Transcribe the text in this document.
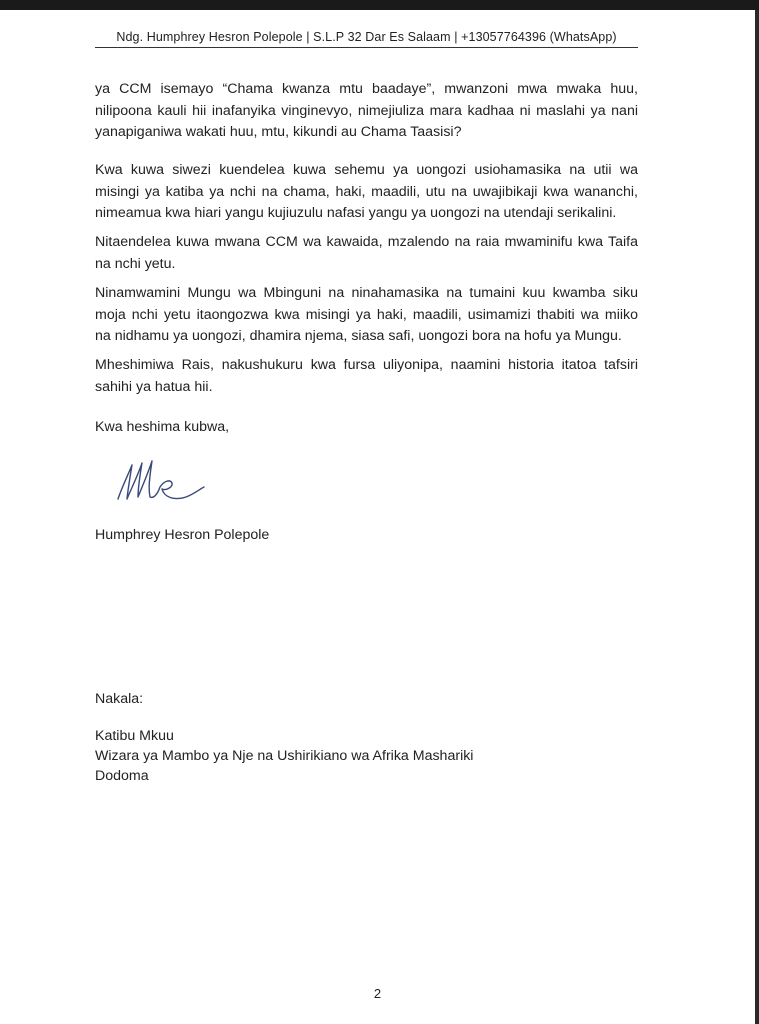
Ndg. Humphrey Hesron Polepole | S.L.P 32 Dar Es Salaam | +13057764396 (WhatsApp)
ya CCM isemayo “Chama kwanza mtu baadaye”, mwanzoni mwa mwaka huu,
nilipoona kauli hii inafanyika vinginevyo, nimejiuliza mara kadhaa ni maslahi ya nani
yanapiganiwa wakati huu, mtu, kikundi au Chama Taasisi?
Kwa kuwa siwezi kuendelea kuwa sehemu ya uongozi usiohamasika na utii wa
misingi ya katiba ya nchi na chama, haki, maadili, utu na uwajibikaji kwa wananchi,
nimeamua kwa hiari yangu kujiuzulu nafasi yangu ya uongozi na utendaji serikalini.
Nitaendelea kuwa mwana CCM wa kawaida, mzalendo na raia mwaminifu kwa Taifa
na nchi yetu.
Ninamwamini Mungu wa Mbinguni na ninahamasika na tumaini kuu kwamba siku
moja nchi yetu itaongozwa kwa misingi ya haki, maadili, usimamizi thabiti wa miiko
na nidhamu ya uongozi, dhamira njema, siasa safi, uongozi bora na hofu ya Mungu.
Mheshimiwa Rais, nakushukuru kwa fursa uliyonipa, naamini historia itatoa tafsiri
sahihi ya hatua hii.
Kwa heshima kubwa,
Humphrey Hesron Polepole
Nakala:
Katibu Mkuu
Wizara ya Mambo ya Nje na Ushirikiano wa Afrika Mashariki
Dodoma
2
